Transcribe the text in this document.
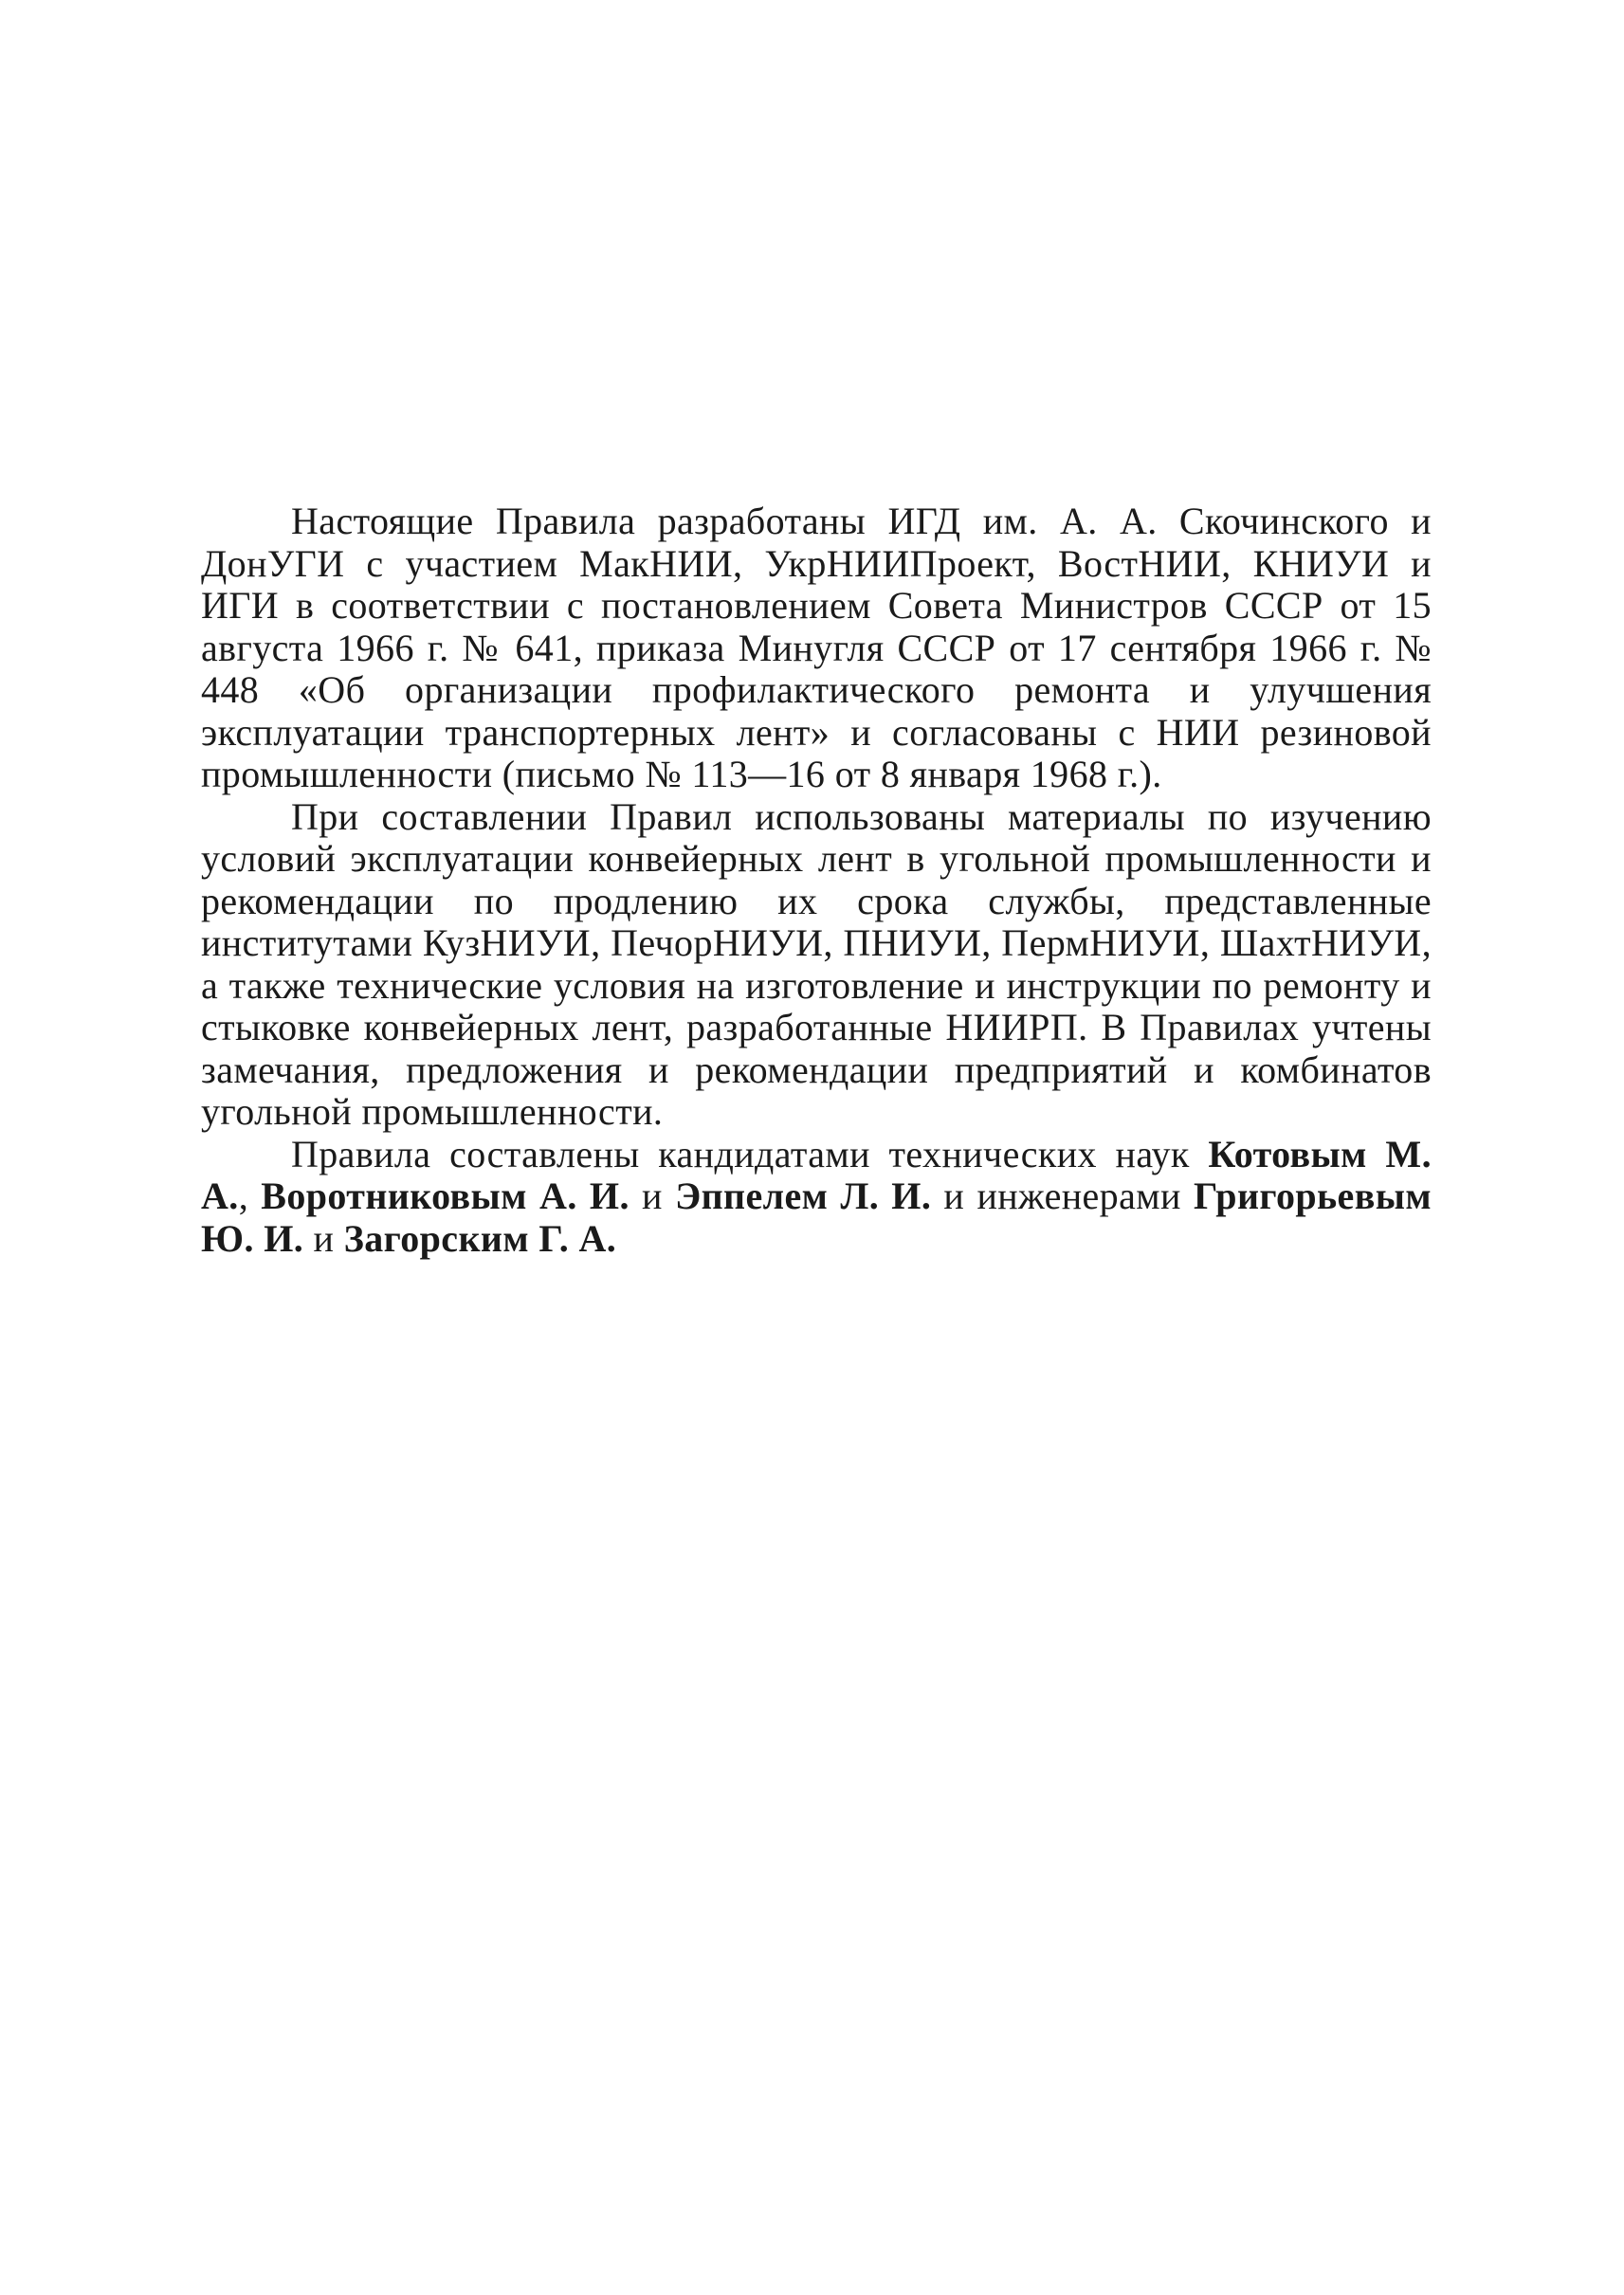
Настоящие Правила разработаны ИГД им. А. А. Скочинского и ДонУГИ с участием МакНИИ, УкрНИИПроект, ВостНИИ, КНИУИ и ИГИ в соответствии с постановлением Совета Министров СССР от 15 августа 1966 г. № 641, приказа Минугля СССР от 17 сентября 1966 г. № 448 «Об организации профилактического ремонта и улучшения эксплуатации транспортерных лент» и согласованы с НИИ резиновой промышленности (письмо № 113—16 от 8 января 1968 г.).

При составлении Правил использованы материалы по изучению условий эксплуатации конвейерных лент в угольной промышленности и рекомендации по продлению их срока службы, представленные институтами КузНИУИ, ПечорНИУИ, ПНИУИ, ПермНИУИ, ШахтНИУИ, а также технические условия на изготовление и инструкции по ремонту и стыковке конвейерных лент, разработанные НИИРП. В Правилах учтены замечания, предложения и рекомендации предприятий и комбинатов угольной промышленности.

Правила составлены кандидатами технических наук Котовым М. А., Воротниковым А. И. и Эппелем Л. И. и инженерами Григорьевым Ю. И. и Загорским Г. А.
